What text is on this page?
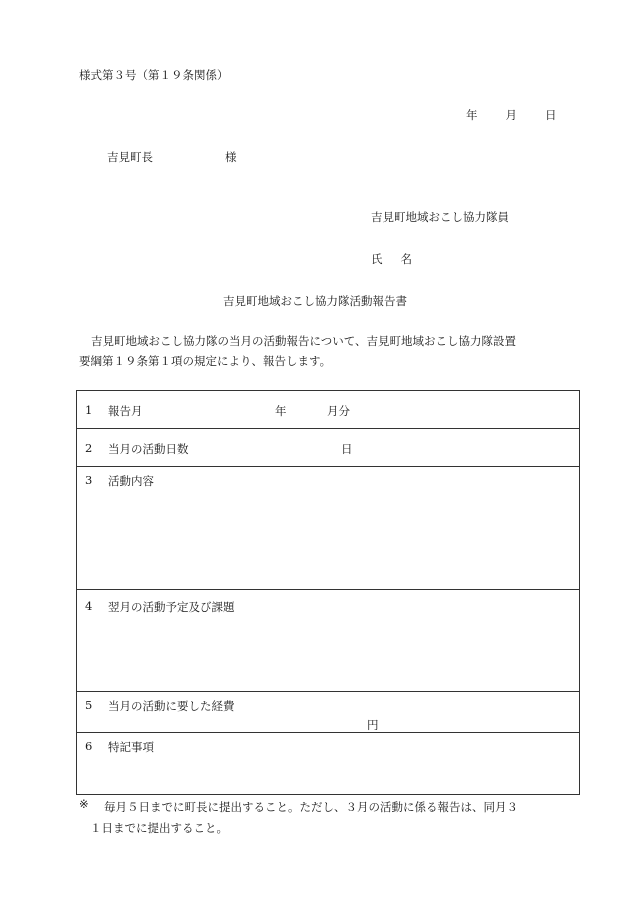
様式第３号（第１９条関係）
年 月 日
吉見町長	様
吉見町地域おこし協力隊員
氏 名
吉見町地域おこし協力隊活動報告書

吉見町地域おこし協力隊の当月の活動報告について、吉見町地域おこし協力隊設置

要綱第１９条第１項の規定により、報告します。

1 報告月	年	月分

2 当月の活動日数	日

3 活動内容

4 翌月の活動予定及び課題

5 当月の活動に要した経費
円

6 特記事項
※ 毎月５日までに町長に提出すること。ただし、３月の活動に係る報告は、同月３
１日までに提出すること。
